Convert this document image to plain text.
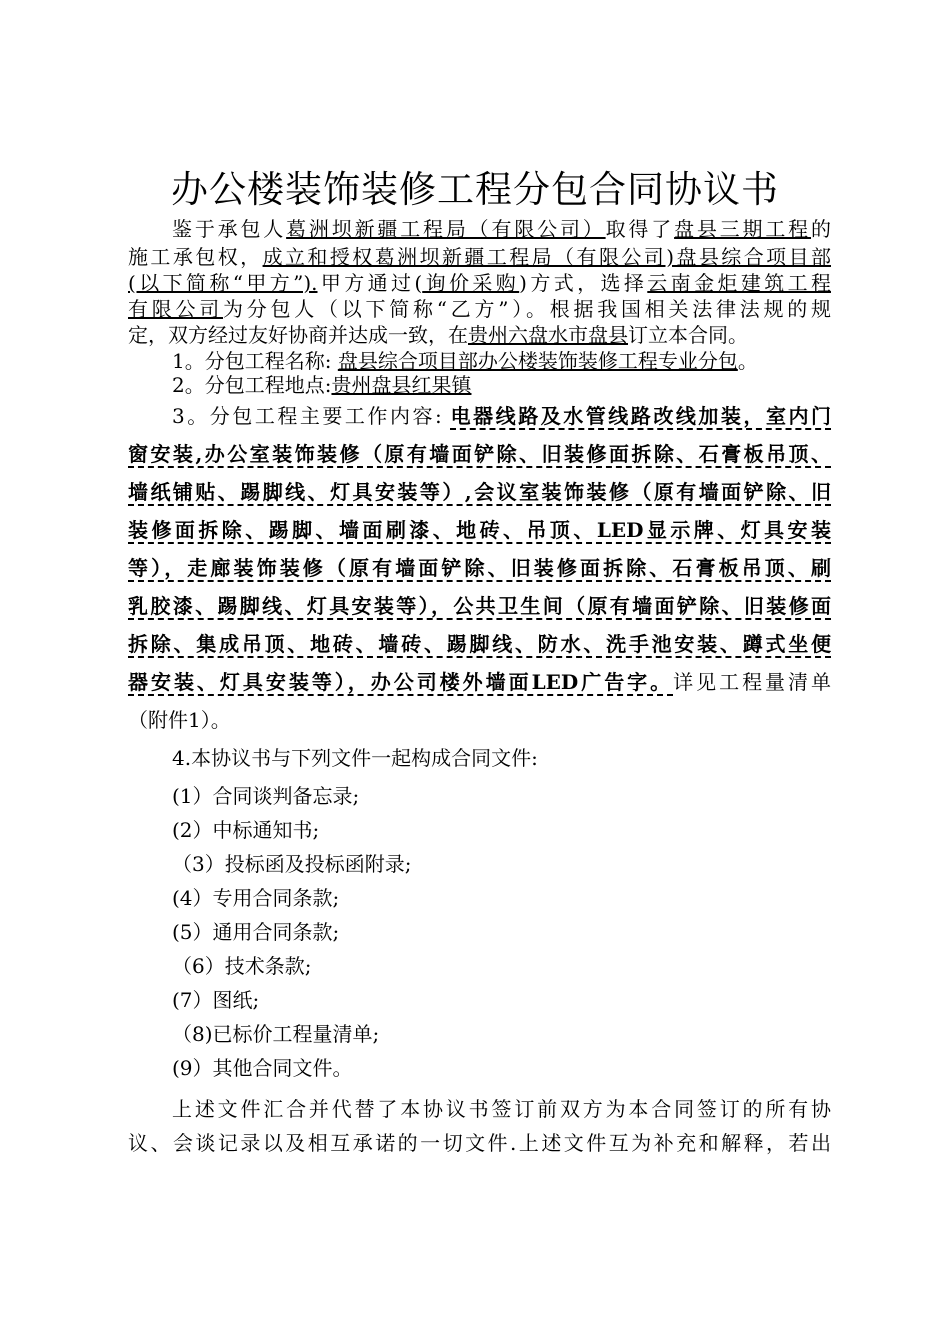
办公楼装饰装修工程分包合同协议书
鉴于承包人葛洲坝新疆工程局（有限公司）取得了盘县三期工程的
施工承包权，成立和授权葛洲坝新疆工程局（有限公司)盘县综合项目部
(以下简称“甲方”).甲方通过(询价采购)方式，选择云南金炬建筑工程
有限公司为分包人（以下简称“乙方”）。根据我国相关法律法规的规
定，双方经过友好协商并达成一致，在贵州六盘水市盘县订立本合同。
1。分包工程名称: 盘县综合项目部办公楼装饰装修工程专业分包。
2。分包工程地点:贵州盘县红果镇
3。分包工程主要工作内容: 电器线路及水管线路改线加装，室内门
窗安装,办公室装饰装修（原有墙面铲除、旧装修面拆除、石膏板吊顶、
墙纸铺贴、踢脚线、灯具安装等）,会议室装饰装修（原有墙面铲除、旧
装修面拆除、踢脚、墙面刷漆、地砖、吊顶、LED显示牌、灯具安装
等），走廊装饰装修（原有墙面铲除、旧装修面拆除、石膏板吊顶、刷
乳胶漆、踢脚线、灯具安装等），公共卫生间（原有墙面铲除、旧装修面
拆除、集成吊顶、地砖、墙砖、踢脚线、防水、洗手池安装、蹲式坐便
器安装、灯具安装等），办公司楼外墙面LED广告字。详见工程量清单
（附件1）。
4.本协议书与下列文件一起构成合同文件:
(1）合同谈判备忘录;
(2）中标通知书;
（3）投标函及投标函附录;
(4）专用合同条款;
(5）通用合同条款;
（6）技术条款;
(7）图纸;
（8)已标价工程量清单;
(9）其他合同文件。
上述文件汇合并代替了本协议书签订前双方为本合同签订的所有协
议、会谈记录以及相互承诺的一切文件.上述文件互为补充和解释，若出
